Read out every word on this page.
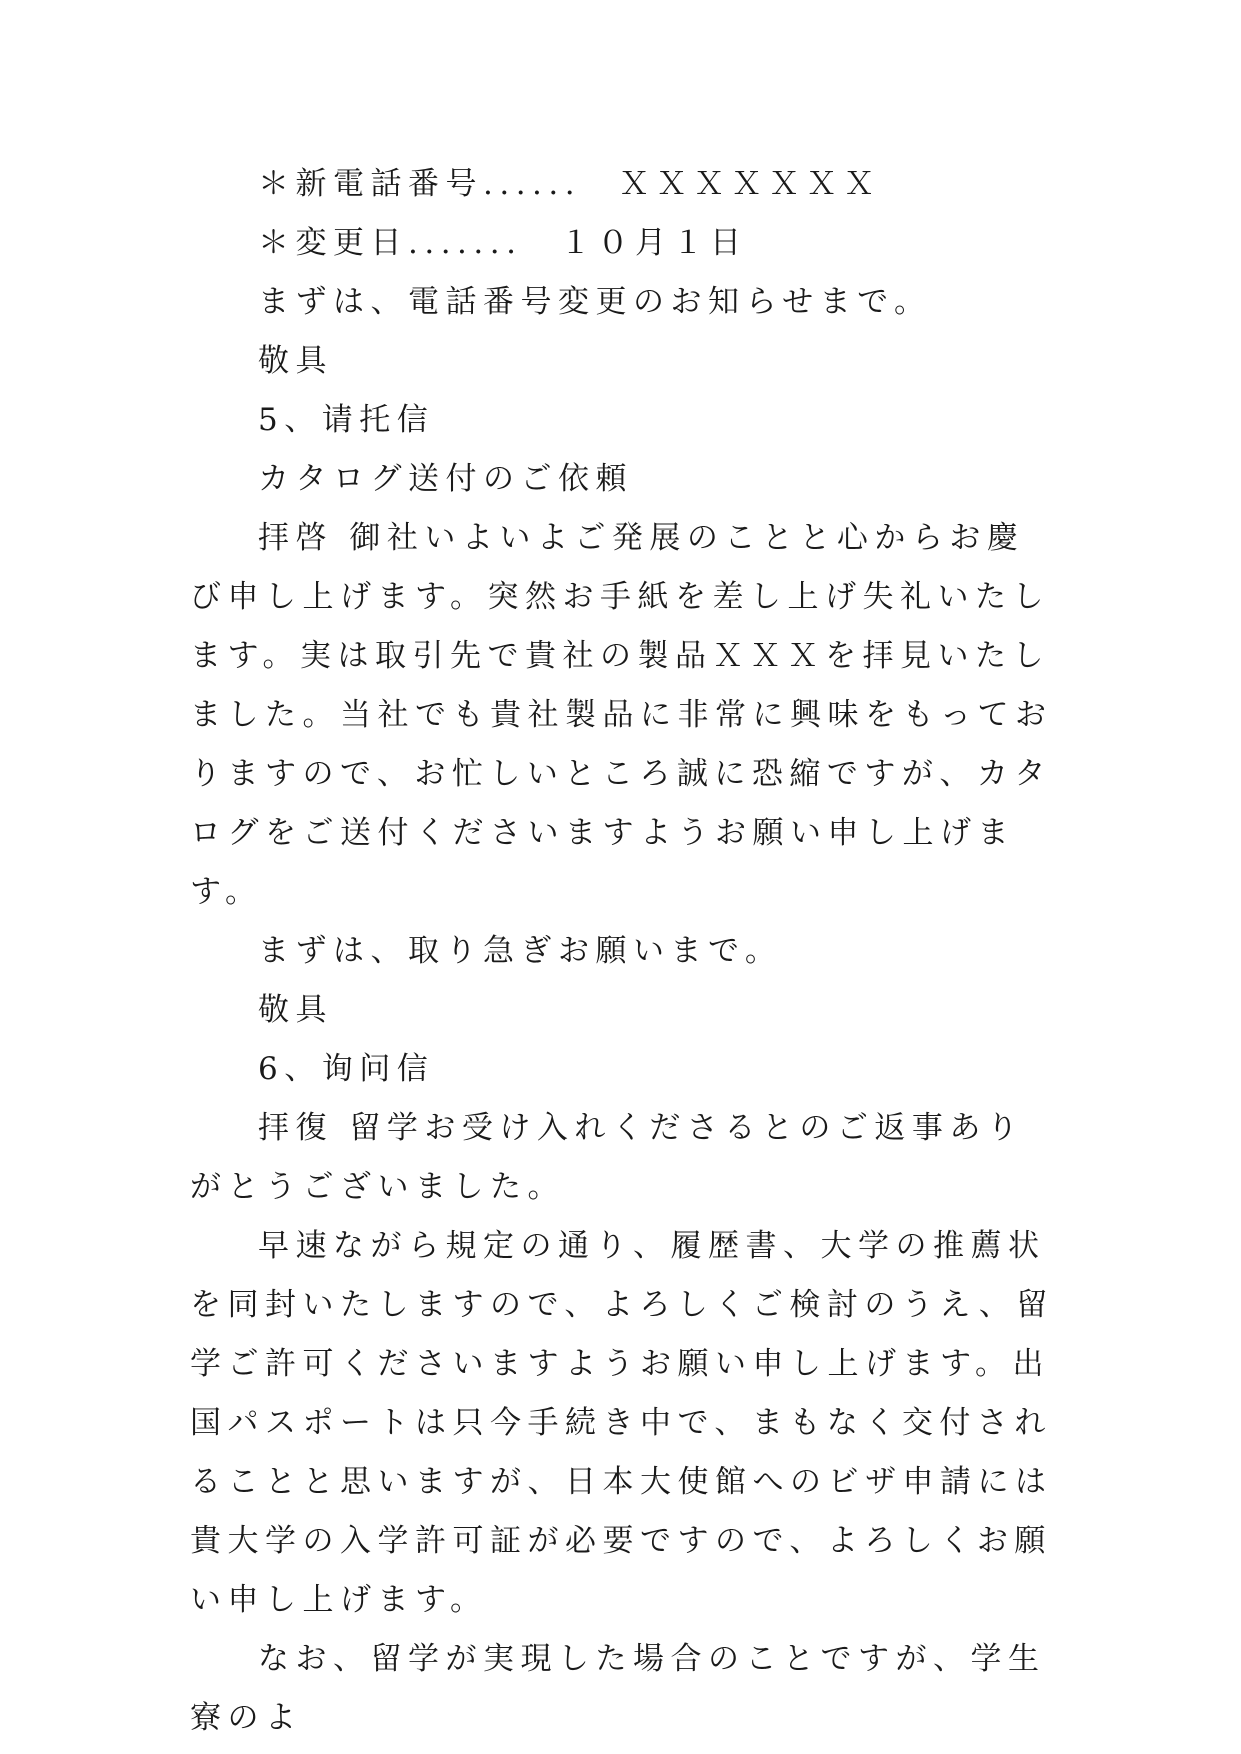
＊新電話番号......　ＸＸＸＸＸＸＸ

＊変更日.......　１０月１日

まずは、電話番号変更のお知らせまで。

敬具

5、请托信

カタログ送付のご依頼

拝啓 御社いよいよご発展のことと心からお慶び申し上げます。突然お手紙を差し上げ失礼いたします。実は取引先で貴社の製品ＸＸＸを拝見いたしました。当社でも貴社製品に非常に興味をもっておりますので、お忙しいところ誠に恐縮ですが、カタログをご送付くださいますようお願い申し上げます。

まずは、取り急ぎお願いまで。

敬具

6、询问信

拝復 留学お受け入れくださるとのご返事ありがとうございました。

早速ながら規定の通り、履歴書、大学の推薦状を同封いたしますので、よろしくご検討のうえ、留学ご許可くださいますようお願い申し上げます。出国パスポートは只今手続き中で、まもなく交付されることと思いますが、日本大使館へのビザ申請には貴大学の入学許可証が必要ですので、よろしくお願い申し上げます。

なお、留学が実現した場合のことですが、学生寮のよ
